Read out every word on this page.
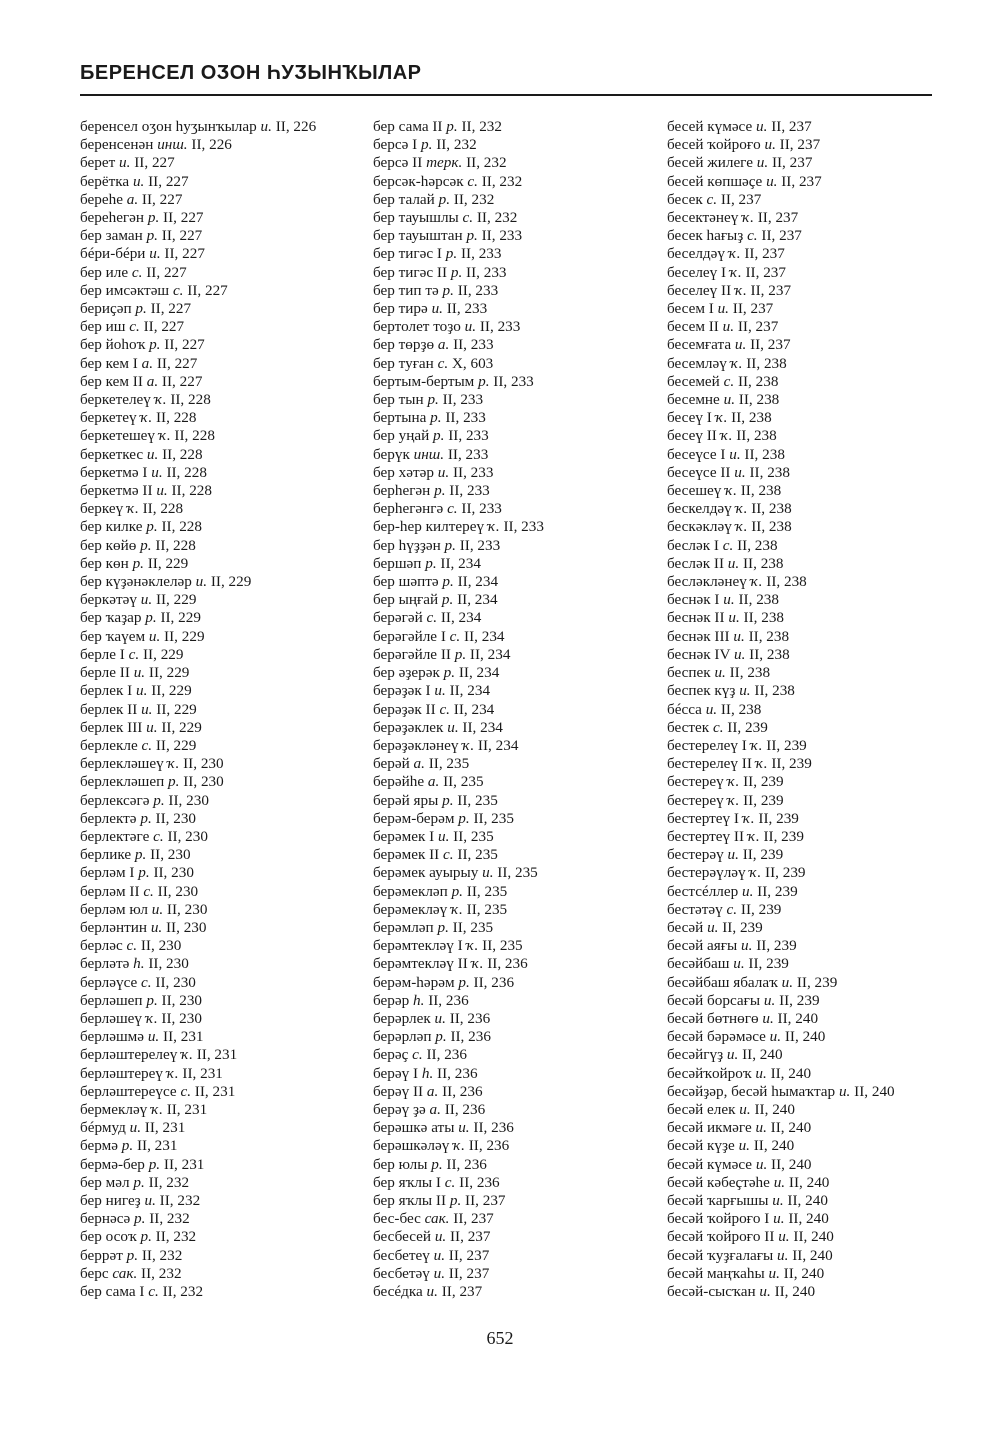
БЕРЕНСЕЛ ОӠОН ҺУӠЫНҠЫЛАР
беренсел оӡон һуӡынҡылар и. II, 226
беренсенән инш. II, 226
берет и. II, 227
берётка и. II, 227
берeһe а. II, 227
береһегән р. II, 227
бер заман р. II, 227
бéри-бéри и. II, 227
бер иле с. II, 227
бер имсәктәш с. II, 227
бериҫәп р. II, 227
бер иш с. II, 227
бер йоһоҡ р. II, 227
бер кем I а. II, 227
бер кем II а. II, 227
беркетелеү ҡ. II, 228
беркетеү ҡ. II, 228
беркетешеү ҡ. II, 228
беркеткес и. II, 228
беркетмә I и. II, 228
беркетмә II и. II, 228
беркеү ҡ. II, 228
бер килке р. II, 228
бер көйө р. II, 228
бер көн р. II, 229
бер күҙәнәклеләр и. II, 229
беркәтәү и. II, 229
бер ҡаҙар р. II, 229
бер ҡаүем и. II, 229
берле I с. II, 229
берле II и. II, 229
берлек I и. II, 229
берлек II и. II, 229
берлек III и. II, 229
берлекле с. II, 229
берлекләшеү ҡ. II, 230
берлекләшеп р. II, 230
берлексәгә р. II, 230
берлектә р. II, 230
берлектәге с. II, 230
берлике р. II, 230
берләм I р. II, 230
берләм II с. II, 230
берләм юл и. II, 230
берләнтин и. II, 230
берләс с. II, 230
берләтә һ. II, 230
берләүсе с. II, 230
берләшеп р. II, 230
берләшеү ҡ. II, 230
берләшмә и. II, 231
берләштерелеү ҡ. II, 231
берләштереү ҡ. II, 231
берләштереүсе с. II, 231
бермекләү ҡ. II, 231
бéрмуд и. II, 231
бермә р. II, 231
бермә-бер р. II, 231
бер мәл р. II, 232
бер нигеҙ и. II, 232
бернәсә р. II, 232
бер осоҡ р. II, 232
беррәт р. II, 232
берс сак. II, 232
бер сама I с. II, 232
бер сама II р. II, 232
берсә I р. II, 232
берсә II терк. II, 232
берсәк-һәрсәк с. II, 232
бер талай р. II, 232
бер тауышлы с. II, 232
бер тауыштан р. II, 233
бер тигәс I р. II, 233
бер тигәс II р. II, 233
бер тип тә р. II, 233
бер тирә и. II, 233
бертолет тоҙо и. II, 233
бер төрҙө а. II, 233
бер туған с. X, 603
бертым-бертым р. II, 233
бер тын р. II, 233
бертына р. II, 233
бер уңай р. II, 233
берүк инш. II, 233
бер хәтәр и. II, 233
берһегән р. II, 233
берһегәнгә с. II, 233
бер-һер килтереү ҡ. II, 233
бер һүҙҙән р. II, 233
бершәп р. II, 234
бер шәптә р. II, 234
бер ыңғай р. II, 234
берәгәй с. II, 234
берәгәйле I с. II, 234
берәгәйле II р. II, 234
бер әҙерәк р. II, 234
берәҙәк I и. II, 234
берәҙәк II с. II, 234
берәҙәклек и. II, 234
берәҙәкләнеү ҡ. II, 234
берәй а. II, 235
берәйһе а. II, 235
берәй яры р. II, 235
берәм-берәм р. II, 235
берәмек I и. II, 235
берәмек II с. II, 235
берәмек ауырыу и. II, 235
берәмекләп р. II, 235
берәмекләү ҡ. II, 235
берәмләп р. II, 235
берәмтекләү I ҡ. II, 235
берәмтекләү II ҡ. II, 236
берәм-һәрәм р. II, 236
берәр һ. II, 236
берәрлек и. II, 236
берәрләп р. II, 236
берәҫ с. II, 236
берәү I һ. II, 236
берәү II а. II, 236
берәү ҙә а. II, 236
берәшкә аты и. II, 236
берәшкәләү ҡ. II, 236
бер юлы р. II, 236
бер яҡлы I с. II, 236
бер яҡлы II р. II, 237
бес-бес сак. II, 237
бесбесей и. II, 237
бесбетеү и. II, 237
бесбетәү и. II, 237
бесéдка и. II, 237
бесей күмәсе и. II, 237
бесей ҡойроғо и. II, 237
бесей жилеге и. II, 237
бесей көпшәҫе и. II, 237
бесек с. II, 237
бесектәнеү ҡ. II, 237
бесек һағыҙ с. II, 237
беселдәү ҡ. II, 237
беселеү I ҡ. II, 237
беселеү II ҡ. II, 237
бесем I и. II, 237
бесем II и. II, 237
бесемғата и. II, 237
бесемләү ҡ. II, 238
бесемей с. II, 238
бесемне и. II, 238
бесеү I ҡ. II, 238
бесеү II ҡ. II, 238
бесеүсе I и. II, 238
бесеүсе II и. II, 238
бесешеү ҡ. II, 238
бескелдәү ҡ. II, 238
бескәкләү ҡ. II, 238
бесләк I с. II, 238
бесләк II и. II, 238
бесләкләнеү ҡ. II, 238
беснәк I и. II, 238
беснәк II и. II, 238
беснәк III и. II, 238
беснәк IV и. II, 238
беспек и. II, 238
беспек күҙ и. II, 238
бéсса и. II, 238
бестек с. II, 239
бестерелеү I ҡ. II, 239
бестерелеү II ҡ. II, 239
бестереү ҡ. II, 239
бестереү ҡ. II, 239
бестертеү I ҡ. II, 239
бестертеү II ҡ. II, 239
бестерәү и. II, 239
бестерәүләү ҡ. II, 239
бестсéллер и. II, 239
бестәтәү с. II, 239
бесәй и. II, 239
бесәй аяғы и. II, 239
бесәйбаш и. II, 239
бесәйбаш ябалаҡ и. II, 239
бесәй борсағы и. II, 239
бесәй бөтнөгө и. II, 240
бесәй бәрәмәсе и. II, 240
бесәйгүҙ и. II, 240
бесәйҡойроҡ и. II, 240
бесәйҙәр, бесәй һымаҡтар и. II, 240
бесәй елек и. II, 240
бесәй икмәге и. II, 240
бесәй күҙе и. II, 240
бесәй күмәсе и. II, 240
бесәй кәбеҫтәһе и. II, 240
бесәй ҡарғышы и. II, 240
бесәй ҡойроғо I и. II, 240
бесәй ҡойроғо II и. II, 240
бесәй ҡуҙғалағы и. II, 240
бесәй маңҡаһы и. II, 240
бесәй-сысҡан и. II, 240
652
